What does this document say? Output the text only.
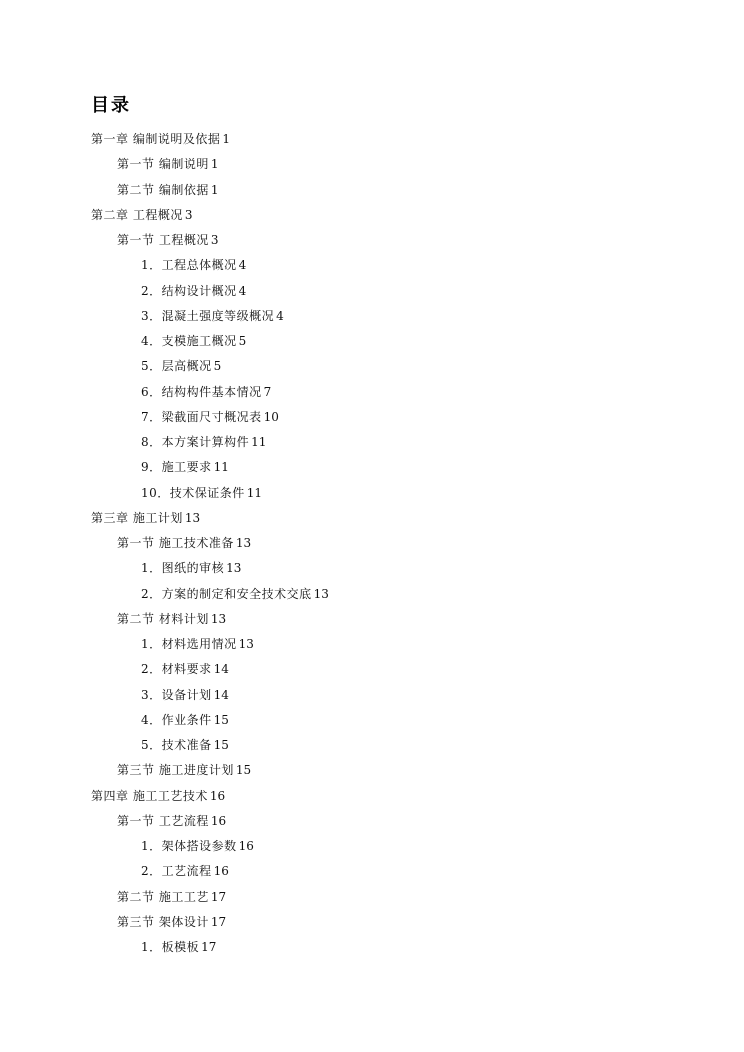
目录
第一章 编制说明及依据 1
第一节 编制说明 1
第二节 编制依据 1
第二章 工程概况 3
第一节 工程概况 3
1．工程总体概况 4
2．结构设计概况 4
3．混凝土强度等级概况 4
4．支模施工概况 5
5．层高概况 5
6．结构构件基本情况 7
7．梁截面尺寸概况表 10
8．本方案计算构件 11
9．施工要求 11
10．技术保证条件 11
第三章 施工计划 13
第一节 施工技术准备 13
1．图纸的审核 13
2．方案的制定和安全技术交底 13
第二节 材料计划 13
1．材料选用情况 13
2．材料要求 14
3．设备计划 14
4．作业条件 15
5．技术准备 15
第三节 施工进度计划 15
第四章 施工工艺技术 16
第一节 工艺流程 16
1．架体搭设参数 16
2．工艺流程 16
第二节 施工工艺 17
第三节 架体设计 17
1．板模板 17
